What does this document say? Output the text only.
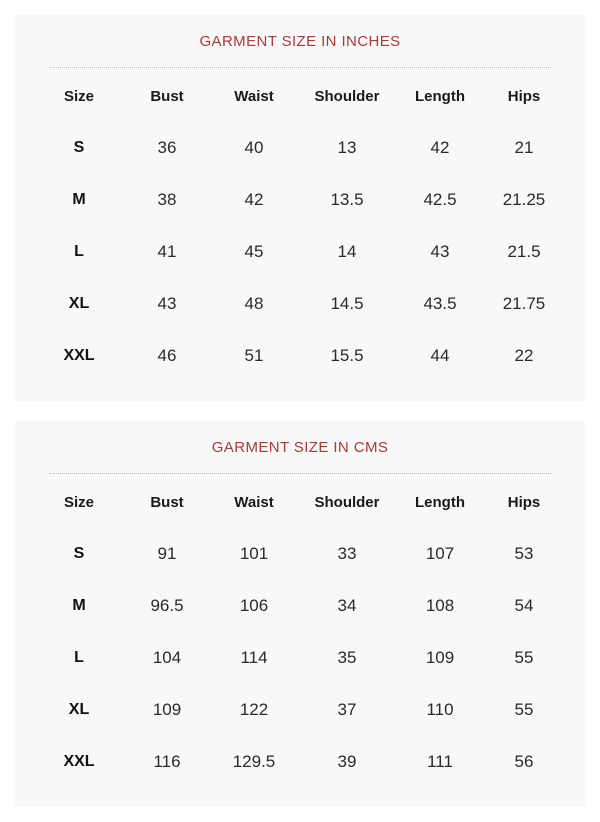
GARMENT SIZE IN INCHES
Size	Bust	Waist	Shoulder	Length	Hips
S	36	40	13	42	21
M	38	42	13.5	42.5	21.25
L	41	45	14	43	21.5
XL	43	48	14.5	43.5	21.75
XXL	46	51	15.5	44	22
GARMENT SIZE IN CMS
Size	Bust	Waist	Shoulder	Length	Hips
S	91	101	33	107	53
M	96.5	106	34	108	54
L	104	114	35	109	55
XL	109	122	37	110	55
XXL	116	129.5	39	111	56
